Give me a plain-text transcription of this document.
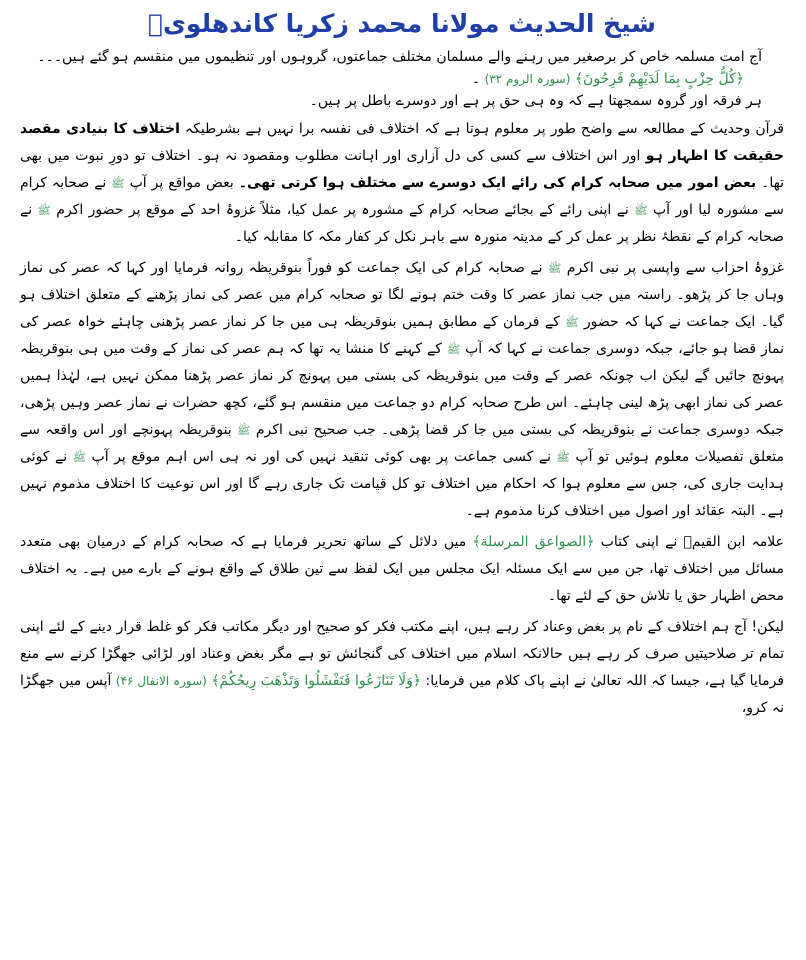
شیخ الحدیث مولانا محمد زکریا کاندھلویؒ

آج امت مسلمہ خاص کر برصغیر میں رہنے والے مسلمان مختلف جماعتوں، گروہوں اور تنظیموں میں منقسم ہو گئے ہیں۔۔۔

﴿كُلُّ حِزْبٍ بِمَا لَدَيْهِمْ فَرِحُونَ﴾ (سورہ الروم ۳۲) ۔

ہر فرقہ اور گروہ سمجھتا ہے کہ وہ ہی حق پر ہے اور دوسرے باطل پر ہیں۔

قرآن وحدیث کے مطالعہ سے واضح طور پر معلوم ہوتا ہے کہ اختلاف فی نفسہ برا نہیں ہے بشرطیکہ اختلاف کا بنیادی مقصد حقیقت کا اظہار ہو اور اس اختلاف سے کسی کی دل آزاری اور اہانت مطلوب ومقصود نہ ہو۔ اختلاف تو دورِ نبوت میں بھی تھا۔ بعض امور میں صحابہ کرام کی رائے ایک دوسرے سے مختلف ہوا کرتی تھی۔ بعض مواقع پر آپ ﷺ نے صحابہ کرام سے مشورہ لیا اور آپ ﷺ نے اپنی رائے کے بجائے صحابہ کرام کے مشورہ پر عمل کیا، مثلاً غزوۂ احد کے موقع پر حضور اکرم ﷺ نے صحابہ کرام کے نقطۂ نظر پر عمل کر کے مدینہ منورہ سے باہر نکل کر کفار مکہ کا مقابلہ کیا۔

غزوۂ احزاب سے واپسی پر نبی اکرم ﷺ نے صحابہ کرام کی ایک جماعت کو فوراً بنوقریظہ روانہ فرمایا اور کہا کہ عصر کی نماز وہاں جا کر پڑھو۔ راستہ میں جب نماز عصر کا وقت ختم ہونے لگا تو صحابہ کرام میں عصر کی نماز پڑھنے کے متعلق اختلاف ہو گیا۔ ایک جماعت نے کہا کہ حضور ﷺ کے فرمان کے مطابق ہمیں بنوقریظہ ہی میں جا کر نماز عصر پڑھنی چاہئے خواہ عصر کی نماز قضا ہو جائے، جبکہ دوسری جماعت نے کہا کہ آپ ﷺ کے کہنے کا منشا یہ تھا کہ ہم عصر کی نماز کے وقت میں ہی بنوقریظہ پہونچ جائیں گے لیکن اب چونکہ عصر کے وقت میں بنوقریظہ کی بستی میں پہونچ کر نماز عصر پڑھنا ممکن نہیں ہے، لہٰذا ہمیں عصر کی نماز ابھی پڑھ لینی چاہئے۔ اس طرح صحابہ کرام دو جماعت میں منقسم ہو گئے، کچھ حضرات نے نماز عصر وہیں پڑھی، جبکہ دوسری جماعت نے بنوقریظہ کی بستی میں جا کر قضا پڑھی۔ جب صحیح نبی اکرم ﷺ بنوقریظہ پہونچے اور اس واقعہ سے متعلق تفصیلات معلوم ہوئیں تو آپ ﷺ نے کسی جماعت پر بھی کوئی تنقید نہیں کی اور نہ ہی اس اہم موقع پر آپ ﷺ نے کوئی ہدایت جاری کی، جس سے معلوم ہوا کہ احکام میں اختلاف تو کل قیامت تک جاری رہے گا اور اس نوعیت کا اختلاف مذموم نہیں ہے۔ البتہ عقائد اور اصول میں اختلاف کرنا مذموم ہے۔

علامہ ابن القیمؒ نے اپنی کتاب ﴿الصواعق المرسلة﴾ میں دلائل کے ساتھ تحریر فرمایا ہے کہ صحابہ کرام کے درمیان بھی متعدد مسائل میں اختلاف تھا، جن میں سے ایک مسئلہ ایک مجلس میں ایک لفظ سے تین طلاق کے واقع ہونے کے بارے میں ہے۔ یہ اختلاف محض اظہار حق یا تلاش حق کے لئے تھا۔

لیکن! آج ہم اختلاف کے نام پر بغض وعناد کر رہے ہیں، اپنے مکتب فکر کو صحیح اور دیگر مکاتب فکر کو غلط قرار دینے کے لئے اپنی تمام تر صلاحیتیں صرف کر رہے ہیں حالانکہ اسلام میں اختلاف کی گنجائش تو ہے مگر بغض وعناد اور لڑائی جھگڑا کرنے سے منع فرمایا گیا ہے، جیسا کہ اللہ تعالیٰ نے اپنے پاک کلام میں فرمایا: ﴿وَلَا تَنَازَعُوا فَتَفْشَلُوا وَتَذْهَبَ رِيحُكُمْ﴾ (سورہ الانفال ۴۶) آپس میں جھگڑا نہ کرو،
